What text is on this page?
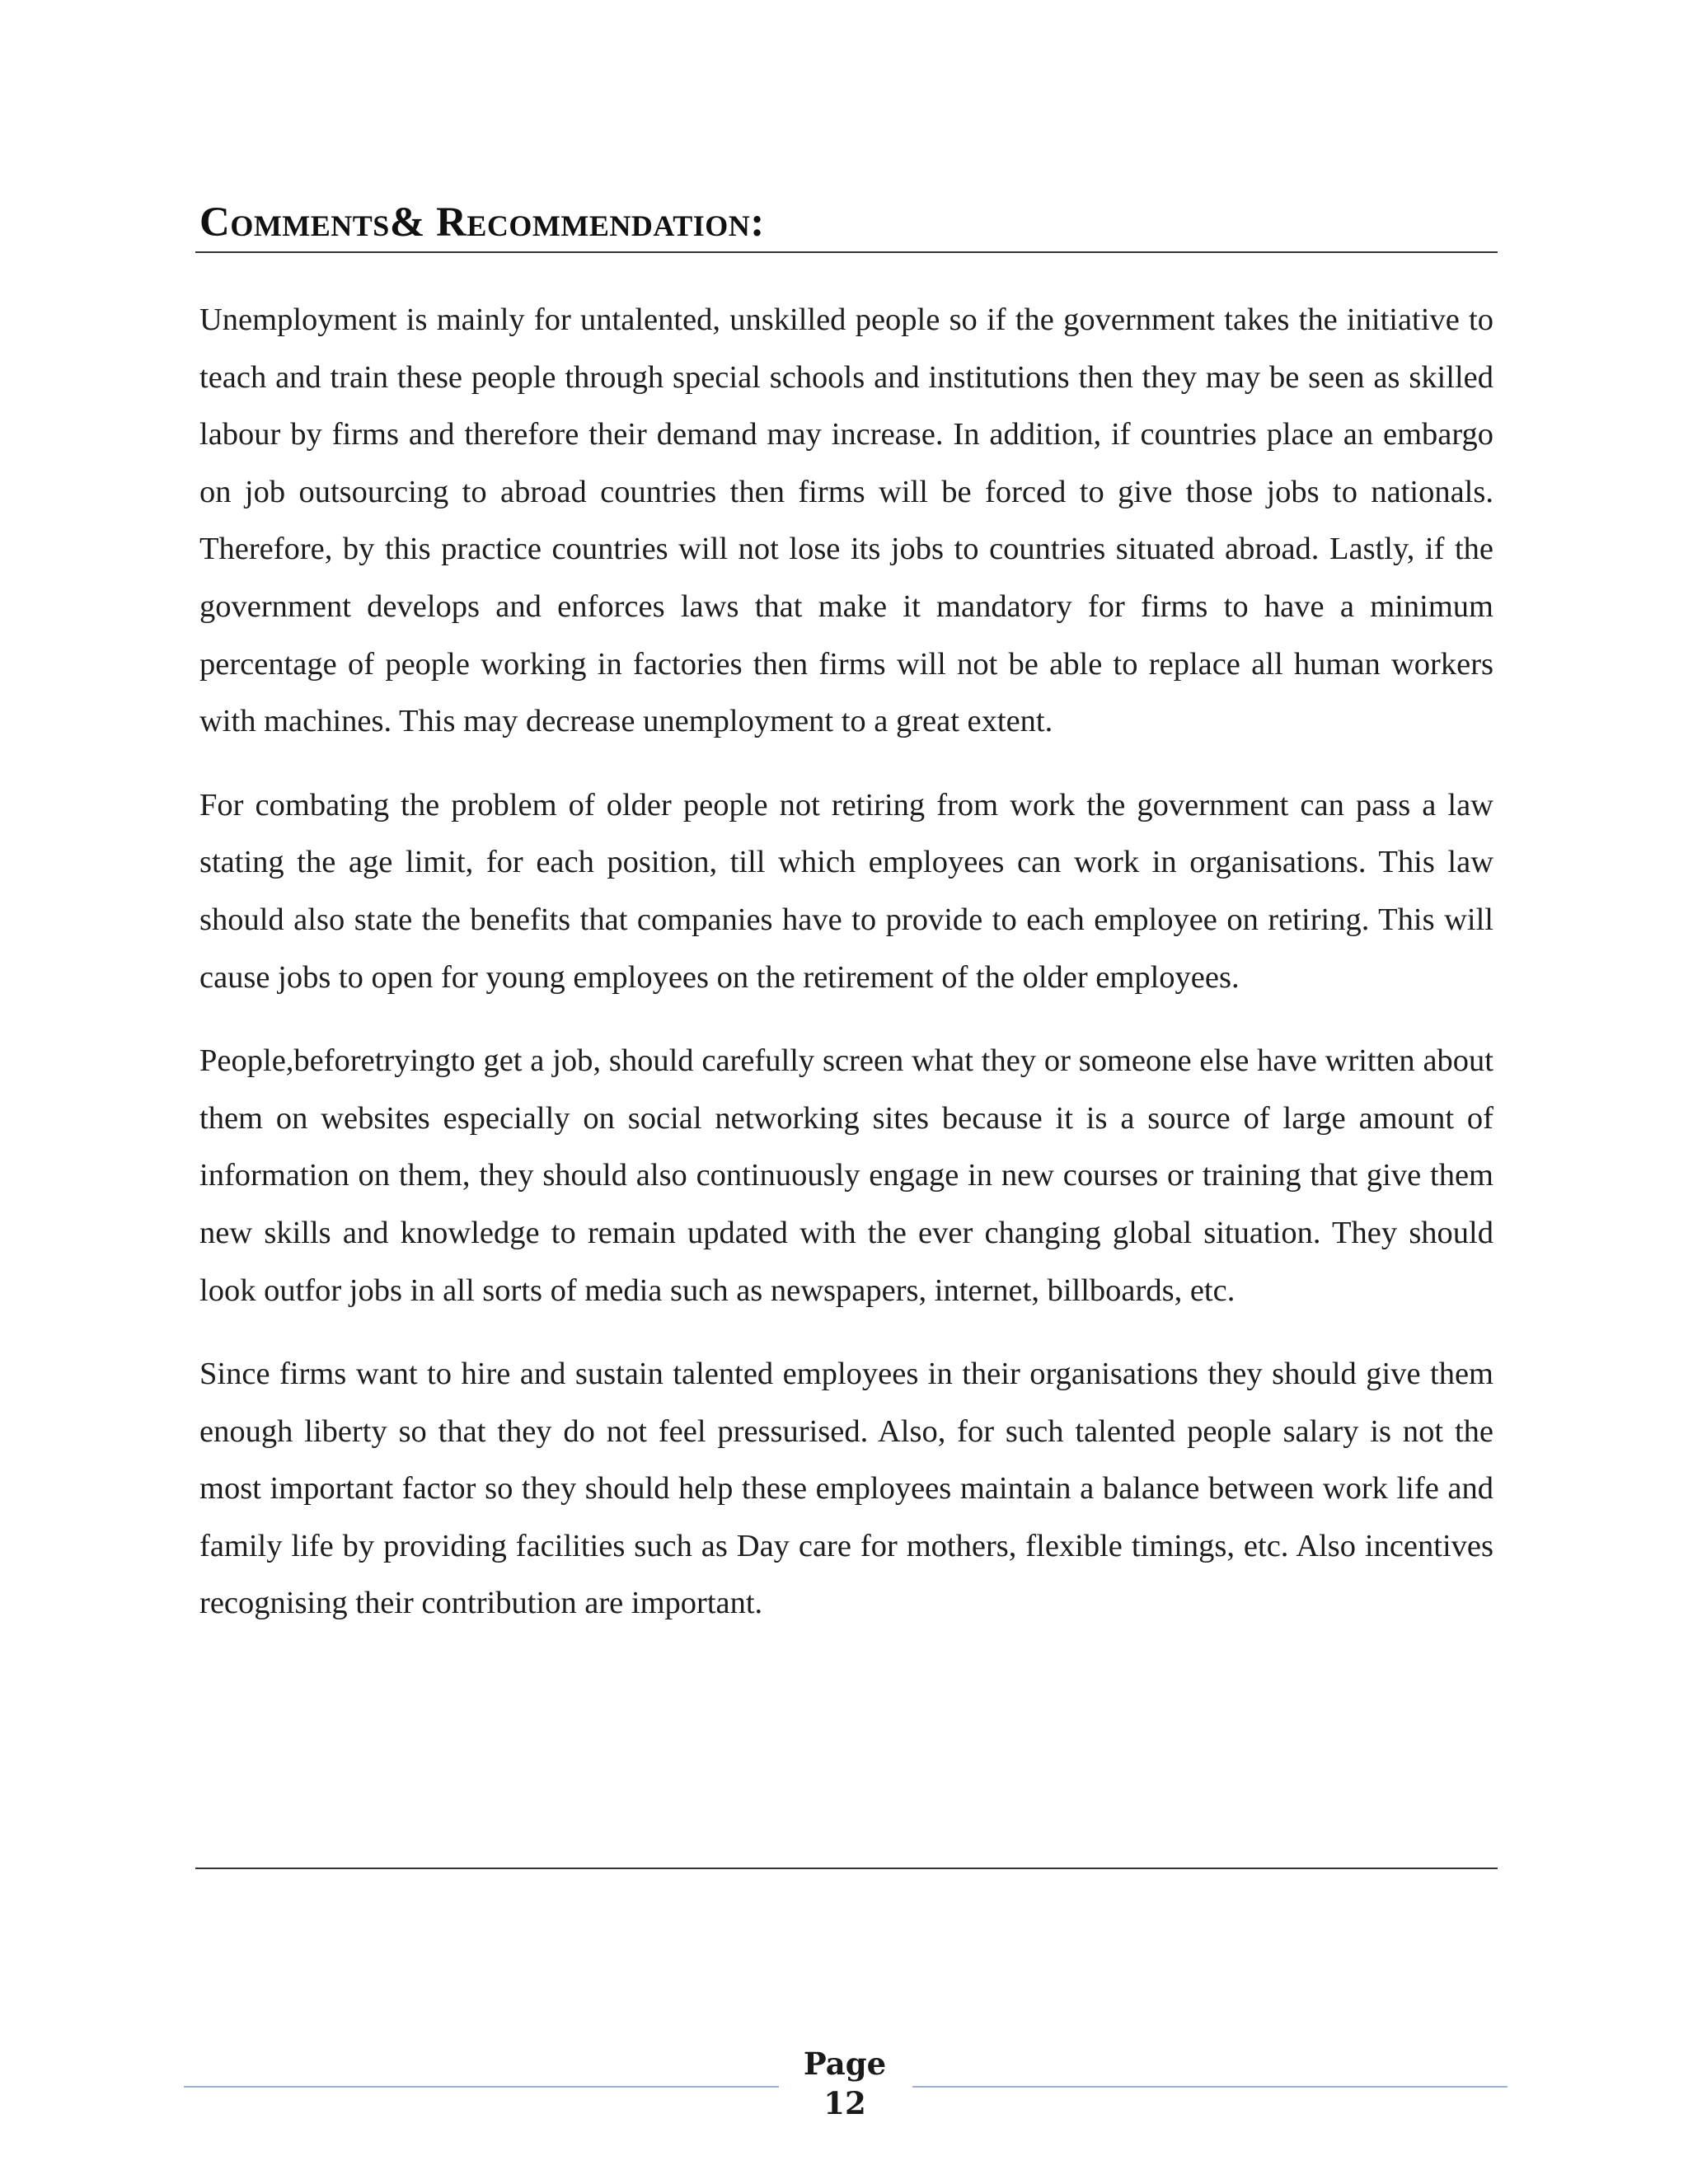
Comments& Recommendation:

Unemployment is mainly for untalented, unskilled people so if the government takes the initiative to teach and train these people through special schools and institutions then they may be seen as skilled labour by firms and therefore their demand may increase. In addition, if countries place an embargo on job outsourcing to abroad countries then firms will be forced to give those jobs to nationals. Therefore, by this practice countries will not lose its jobs to countries situated abroad. Lastly, if the government develops and enforces laws that make it mandatory for firms to have a minimum percentage of people working in factories then firms will not be able to replace all human workers with machines. This may decrease unemployment to a great extent.

For combating the problem of older people not retiring from work the government can pass a law stating the age limit, for each position, till which employees can work in organisations. This law should also state the benefits that companies have to provide to each employee on retiring. This will cause jobs to open for young employees on the retirement of the older employees.

People,beforetryingto get a job, should carefully screen what they or someone else have written about them on websites especially on social networking sites because it is a source of large amount of information on them, they should also continuously engage in new courses or training that give them new skills and knowledge to remain updated with the ever changing global situation. They should look outfor jobs in all sorts of media such as newspapers, internet, billboards, etc.

Since firms want to hire and sustain talented employees in their organisations they should give them enough liberty so that they do not feel pressurised. Also, for such talented people salary is not the most important factor so they should help these employees maintain a balance between work life and family life by providing facilities such as Day care for mothers, flexible timings, etc. Also incentives recognising their contribution are important.

Page
12
